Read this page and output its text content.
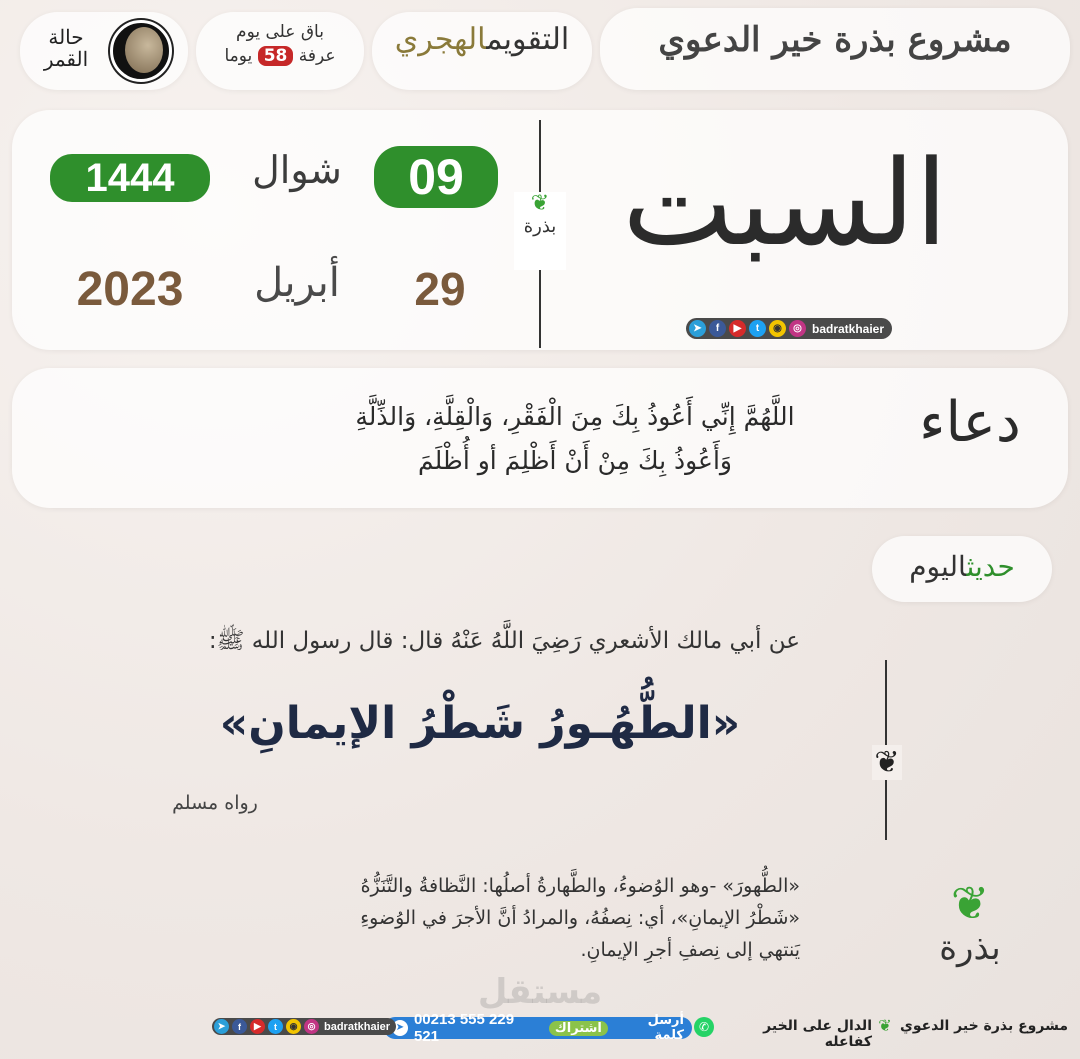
مشروع بذرة خير الدعوي
التقويمالهجري
باق على يوم
عرفة 58 يوما
حالة القمر
السبت
❦
بذرة
09
شوال
1444
29
أبريل
2023
➤	f	▶	t	◉	◎ badratkhaier
دعاء
اللَّهُمَّ إِنِّي أَعُوذُ بِكَ مِنَ الْفَقْرِ، وَالْقِلَّةِ، وَالذِّلَّةِ
وَأَعُوذُ بِكَ مِنْ أَنْ أَظْلِمَ أو أُظْلَمَ
حديثاليوم
عن أبي مالك الأشعري رَضِيَ اللَّهُ عَنْهُ قال: قال رسول الله ﷺ:
«الطُّهُـورُ شَطْرُ الإيمانِ»
رواه مسلم
❦
«الطُّهورَ» -وهو الوُضوءُ، والطَّهارةُ أصلُها: النَّظافةُ والتَّنَزُّهُ
«شَطْرُ الإيمانِ»، أي: نِصفُهُ، والمرادُ أنَّ الأجرَ في الوُضوءِ
يَنتهي إلى نِصفِ أجرِ الإيمانِ.
❦
بذرة
مستقل
مشروع بذرة خير الدعوي
❦
الدال على الخير كفاعله
✆
أرسل كلمة
اشتراك
00213 555 229 521
➤
➤	f	▶	t	◉	◎ badratkhaier
